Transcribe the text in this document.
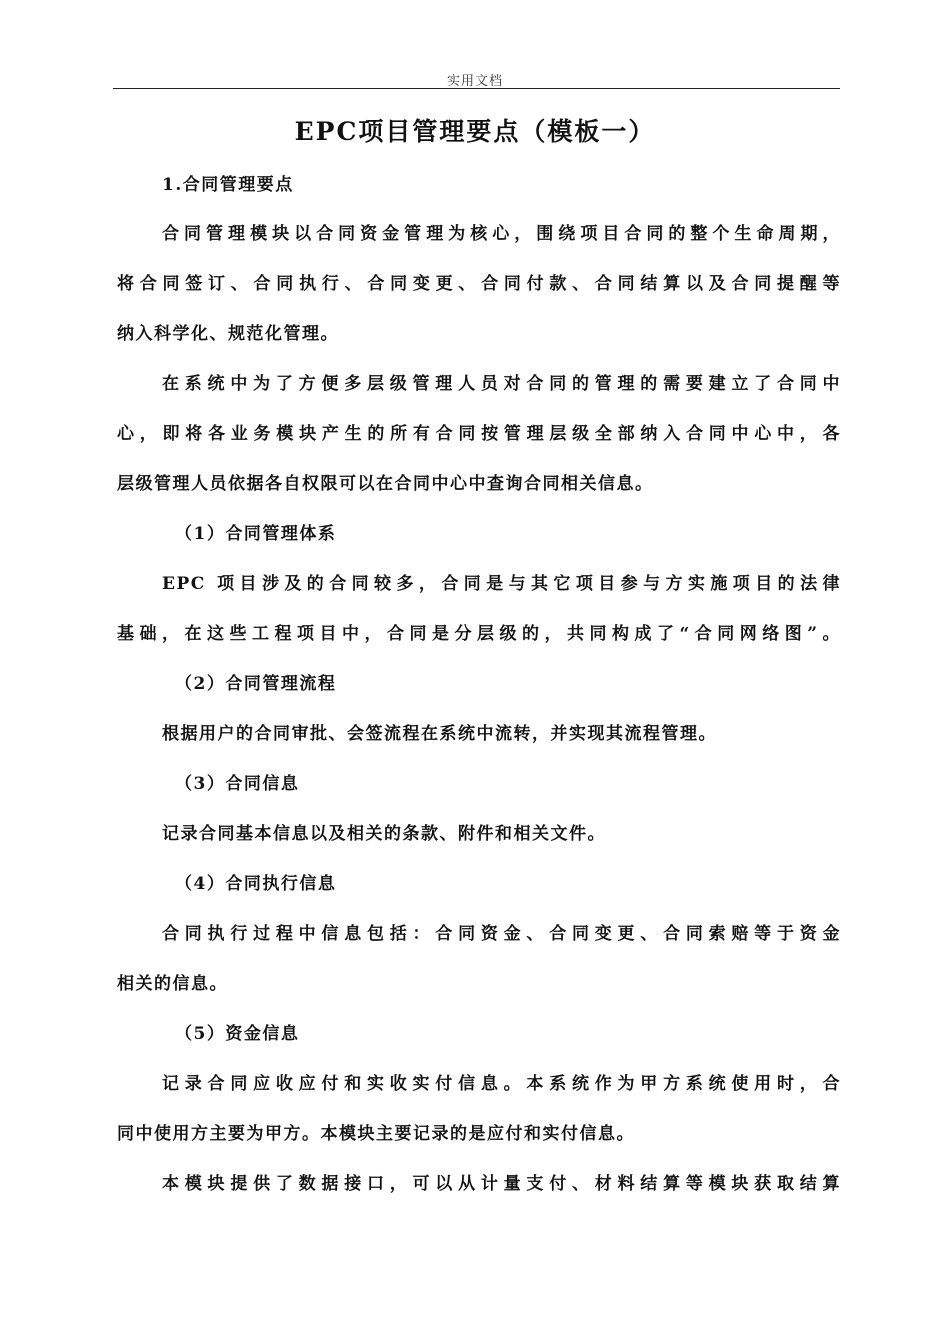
实用文档
EPC项目管理要点（模板一）
1.合同管理要点
合同管理模块以合同资金管理为核心，围绕项目合同的整个生命周期，
将合同签订、合同执行、合同变更、合同付款、合同结算以及合同提醒等
纳入科学化、规范化管理。
在系统中为了方便多层级管理人员对合同的管理的需要建立了合同中
心，即将各业务模块产生的所有合同按管理层级全部纳入合同中心中，各
层级管理人员依据各自权限可以在合同中心中查询合同相关信息。
（1）合同管理体系
EPC 项目涉及的合同较多，合同是与其它项目参与方实施项目的法律
基础，在这些工程项目中，合同是分层级的，共同构成了“合同网络图”。
（2）合同管理流程
根据用户的合同审批、会签流程在系统中流转，并实现其流程管理。
（3）合同信息
记录合同基本信息以及相关的条款、附件和相关文件。
（4）合同执行信息
合同执行过程中信息包括：合同资金、合同变更、合同索赔等于资金
相关的信息。
（5）资金信息
记录合同应收应付和实收实付信息。本系统作为甲方系统使用时，合
同中使用方主要为甲方。本模块主要记录的是应付和实付信息。
本模块提供了数据接口，可以从计量支付、材料结算等模块获取结算
